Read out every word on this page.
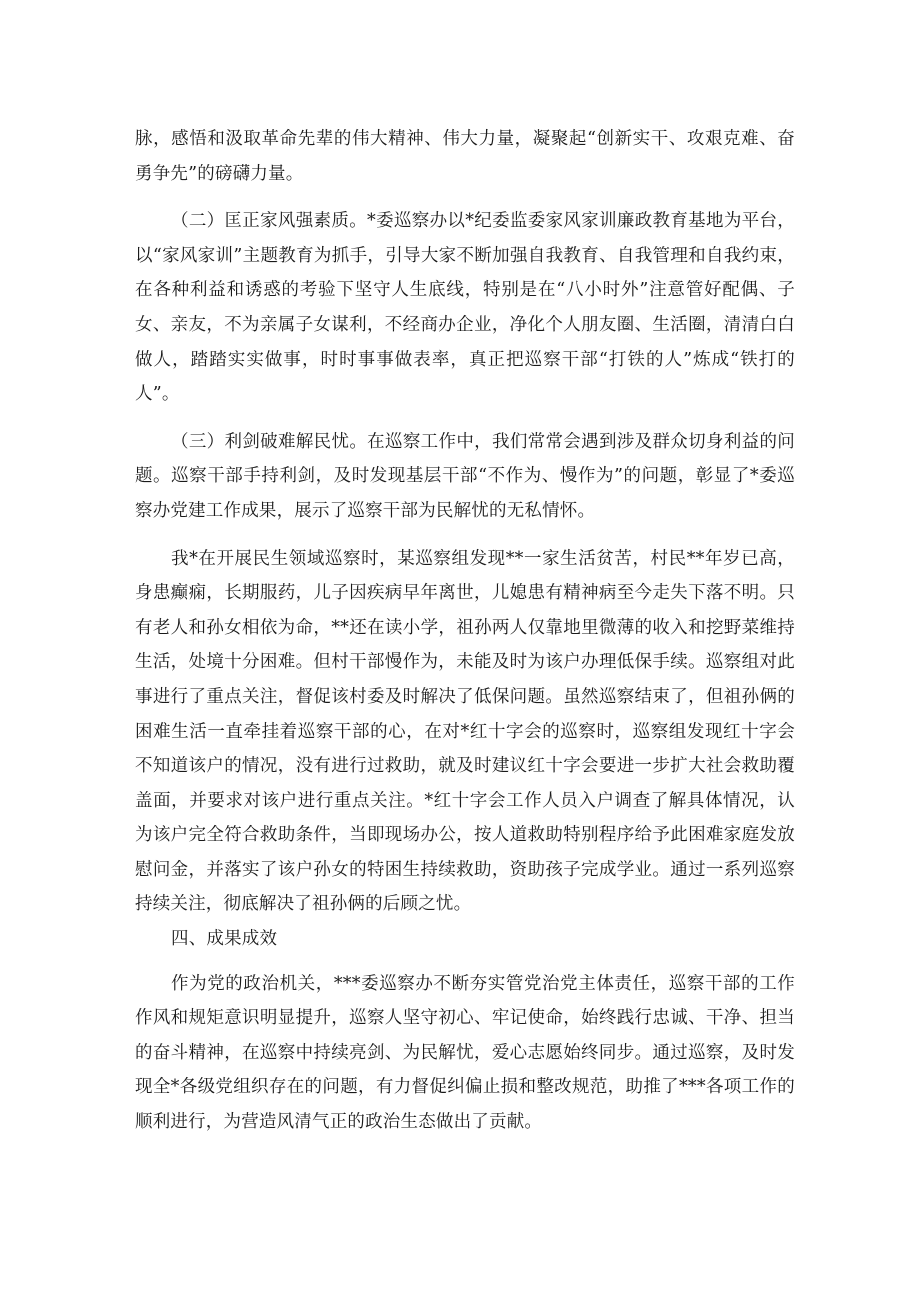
脉，感悟和汲取革命先辈的伟大精神、伟大力量，凝聚起“创新实干、攻艰克难、奋勇争先”的磅礴力量。

（二）匡正家风强素质。*委巡察办以*纪委监委家风家训廉政教育基地为平台，以“家风家训”主题教育为抓手，引导大家不断加强自我教育、自我管理和自我约束，在各种利益和诱惑的考验下坚守人生底线，特别是在“八小时外”注意管好配偶、子女、亲友，不为亲属子女谋利，不经商办企业，净化个人朋友圈、生活圈，清清白白做人，踏踏实实做事，时时事事做表率，真正把巡察干部“打铁的人”炼成“铁打的人”。

（三）利剑破难解民忧。在巡察工作中，我们常常会遇到涉及群众切身利益的问题。巡察干部手持利剑，及时发现基层干部“不作为、慢作为”的问题，彰显了*委巡察办党建工作成果，展示了巡察干部为民解忧的无私情怀。

我*在开展民生领域巡察时，某巡察组发现**一家生活贫苦，村民**年岁已高，身患癫痫，长期服药，儿子因疾病早年离世，儿媳患有精神病至今走失下落不明。只有老人和孙女相依为命，**还在读小学，祖孙两人仅靠地里微薄的收入和挖野菜维持生活，处境十分困难。但村干部慢作为，未能及时为该户办理低保手续。巡察组对此事进行了重点关注，督促该村委及时解决了低保问题。虽然巡察结束了，但祖孙俩的困难生活一直牵挂着巡察干部的心，在对*红十字会的巡察时，巡察组发现红十字会不知道该户的情况，没有进行过救助，就及时建议红十字会要进一步扩大社会救助覆盖面，并要求对该户进行重点关注。*红十字会工作人员入户调查了解具体情况，认为该户完全符合救助条件，当即现场办公，按人道救助特别程序给予此困难家庭发放慰问金，并落实了该户孙女的特困生持续救助，资助孩子完成学业。通过一系列巡察持续关注，彻底解决了祖孙俩的后顾之忧。

四、成果成效

作为党的政治机关，***委巡察办不断夯实管党治党主体责任，巡察干部的工作作风和规矩意识明显提升，巡察人坚守初心、牢记使命，始终践行忠诚、干净、担当的奋斗精神，在巡察中持续亮剑、为民解忧，爱心志愿始终同步。通过巡察，及时发现全*各级党组织存在的问题，有力督促纠偏止损和整改规范，助推了***各项工作的顺利进行，为营造风清气正的政治生态做出了贡献。
